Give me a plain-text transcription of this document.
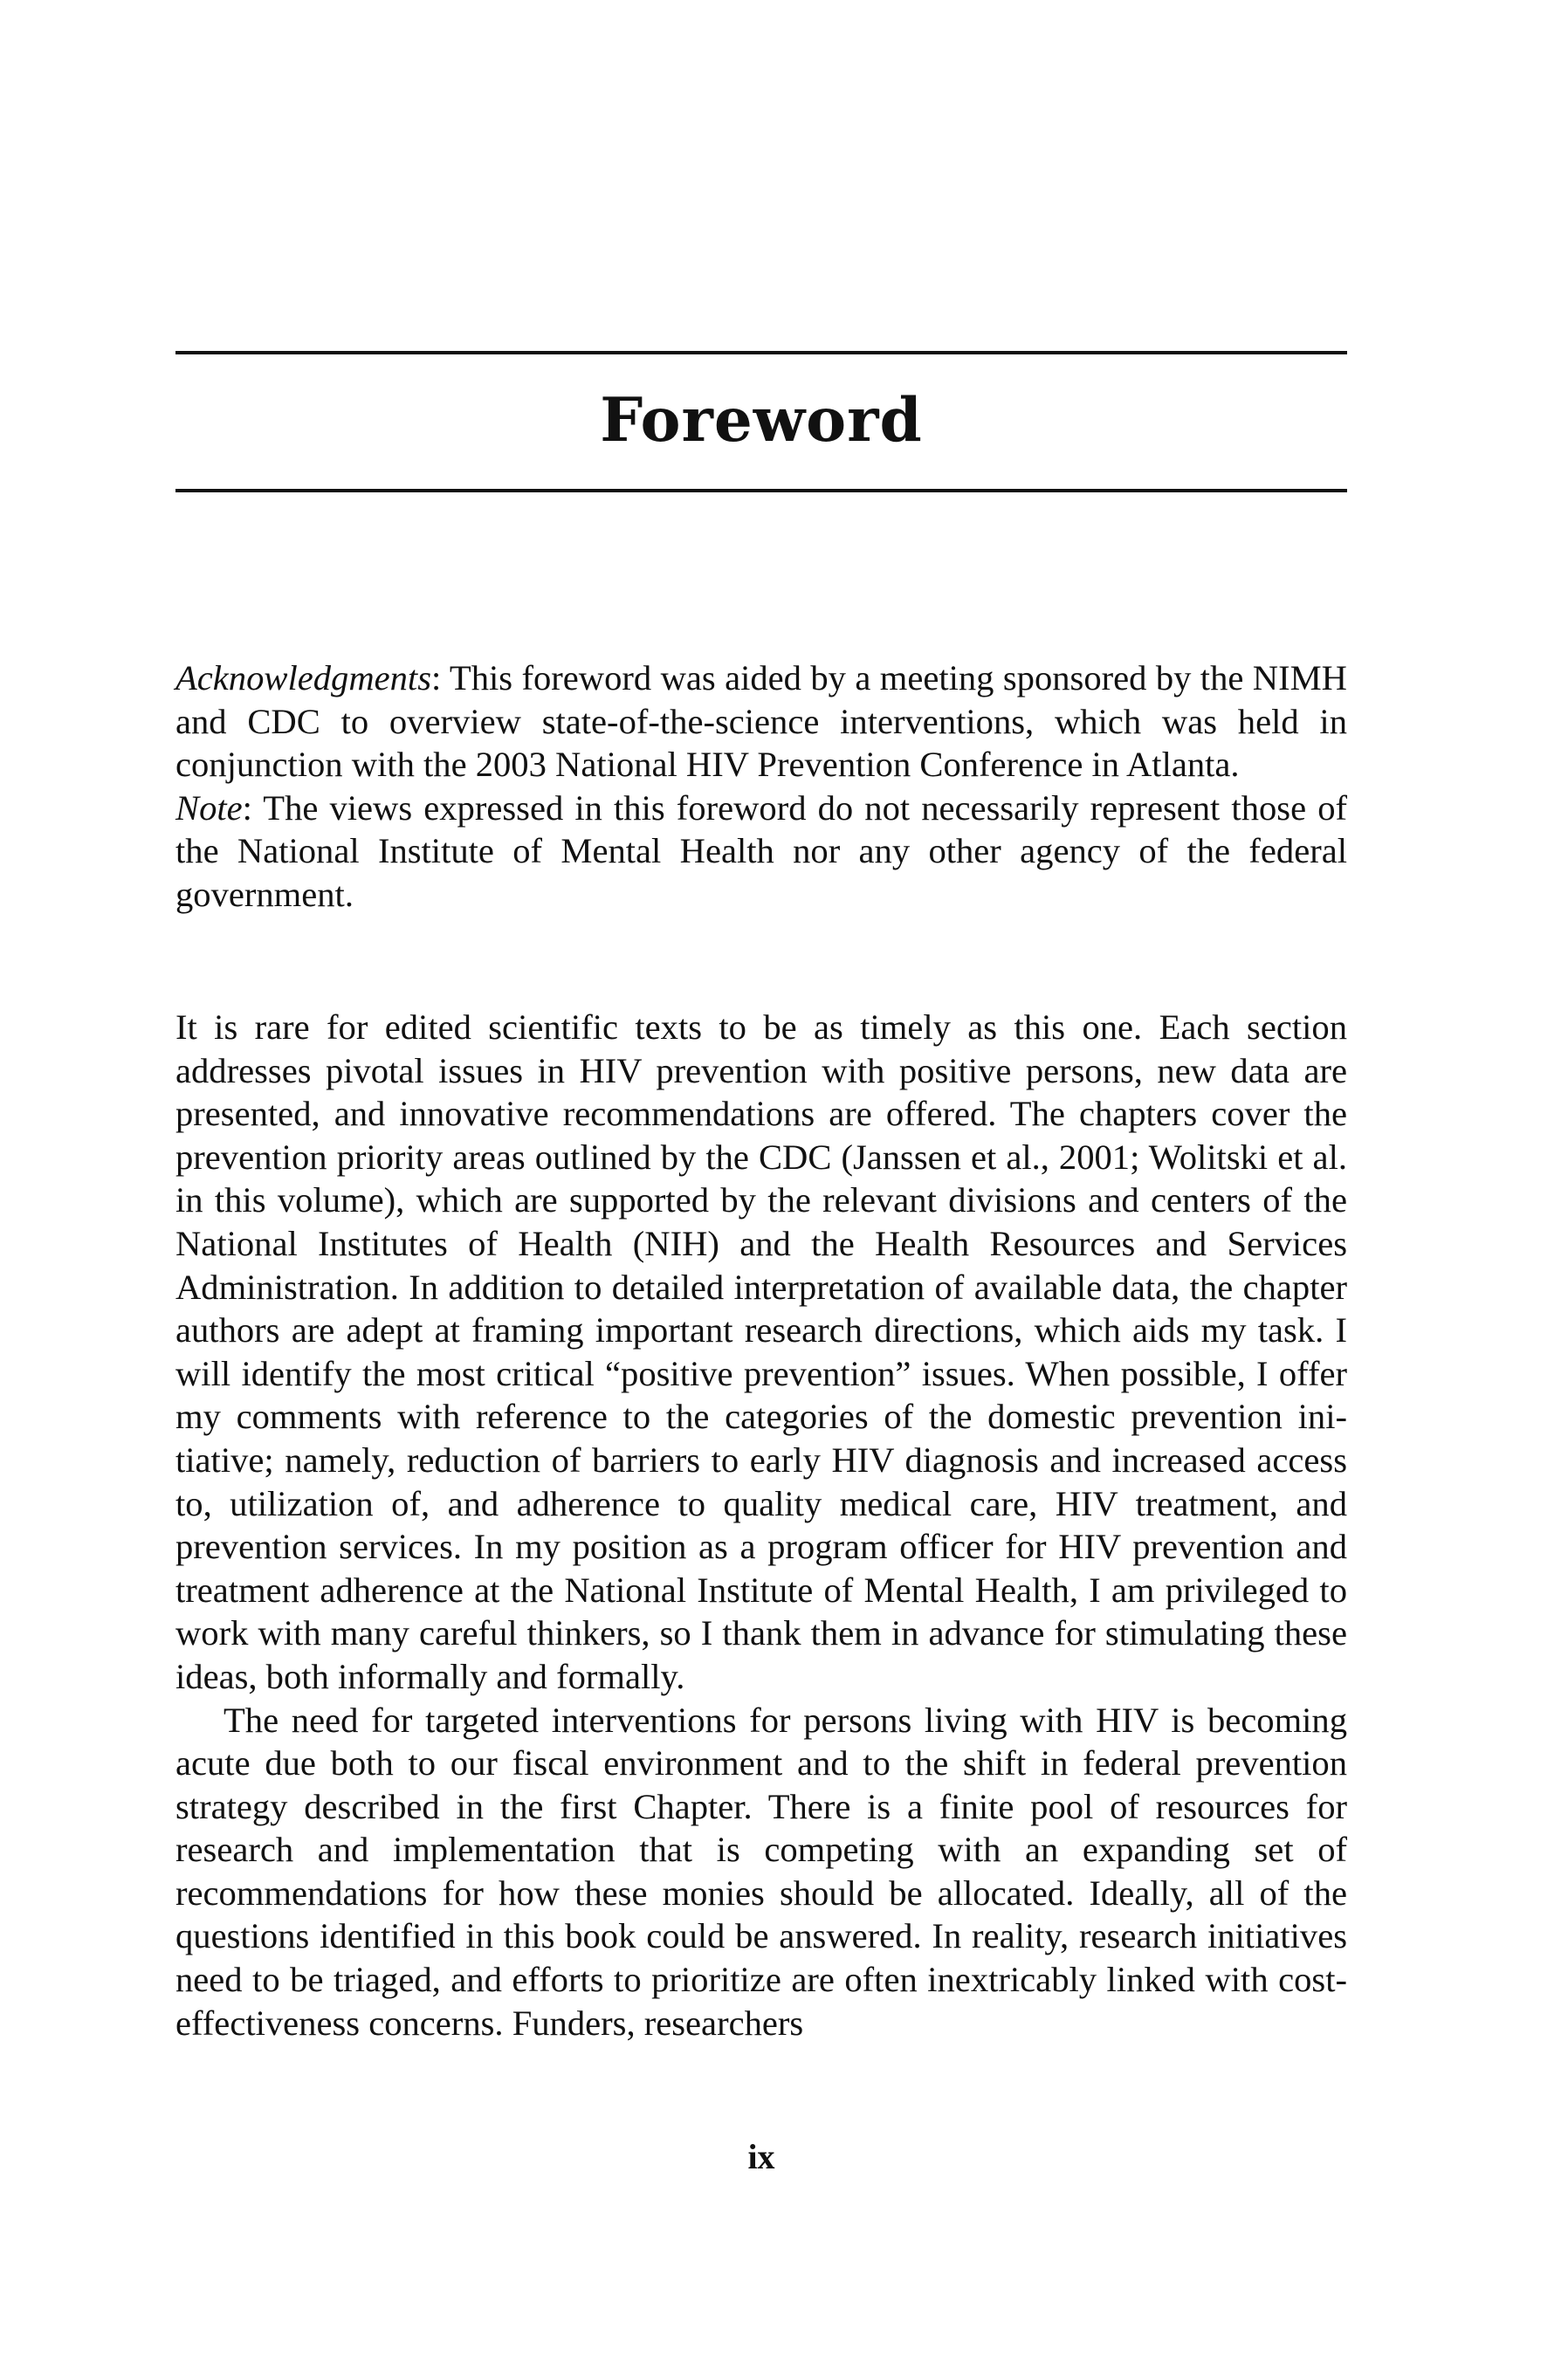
Foreword

Acknowledgments: This foreword was aided by a meeting sponsored by the NIMH and CDC to overview state-of-the-science interventions, which was held in conjunction with the 2003 National HIV Prevention Conference in Atlanta.

Note: The views expressed in this foreword do not necessarily represent those of the National Institute of Mental Health nor any other agency of the federal government.

It is rare for edited scientific texts to be as timely as this one. Each section addresses pivotal issues in HIV prevention with positive persons, new data are presented, and innovative recommendations are offered. The chapters cover the prevention priority areas outlined by the CDC (Janssen et al., 2001; Wolitski et al. in this volume), which are supported by the relevant divisions and centers of the National Institutes of Health (NIH) and the Health Resources and Services Administration. In addition to detailed interpretation of available data, the chapter authors are adept at framing important research directions, which aids my task. I will identify the most critical “positive prevention” issues. When possible, I offer my comments with reference to the categories of the domestic prevention initiative; namely, reduction of barriers to early HIV diagnosis and increased access to, utilization of, and adherence to quality medical care, HIV treatment, and prevention services. In my position as a program officer for HIV prevention and treatment adherence at the National Institute of Mental Health, I am privileged to work with many careful thinkers, so I thank them in advance for stimulating these ideas, both informally and formally.

The need for targeted interventions for persons living with HIV is becoming acute due both to our fiscal environment and to the shift in federal prevention strategy described in the first Chapter. There is a finite pool of resources for research and implementation that is competing with an expanding set of recommendations for how these monies should be allocated. Ideally, all of the questions identified in this book could be answered. In reality, research initiatives need to be triaged, and efforts to prioritize are often inextricably linked with cost-effectiveness concerns. Funders, researchers

ix
